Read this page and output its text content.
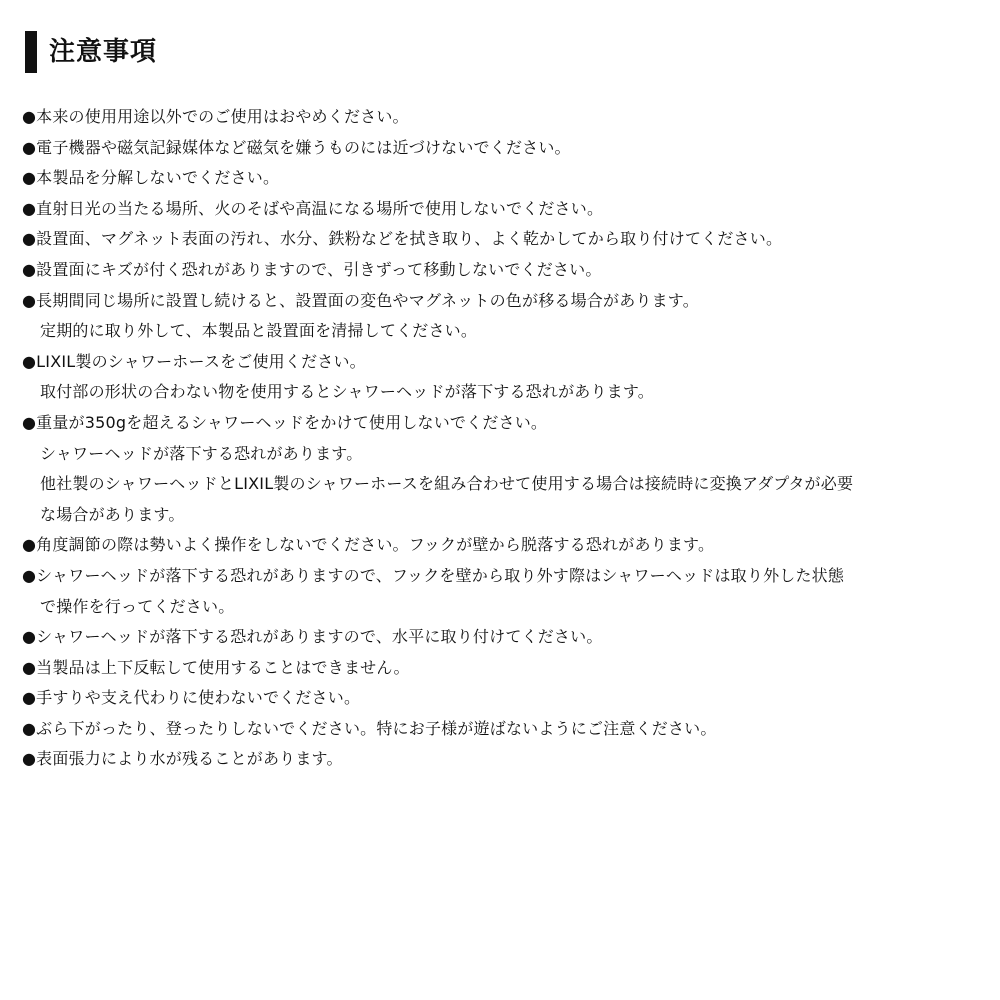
注意事項
●本来の使用用途以外でのご使用はおやめください。
●電子機器や磁気記録媒体など磁気を嫌うものには近づけないでください。
●本製品を分解しないでください。
●直射日光の当たる場所、火のそばや高温になる場所で使用しないでください。
●設置面、マグネット表面の汚れ、水分、鉄粉などを拭き取り、よく乾かしてから取り付けてください。
●設置面にキズが付く恐れがありますので、引きずって移動しないでください。
●長期間同じ場所に設置し続けると、設置面の変色やマグネットの色が移る場合があります。
定期的に取り外して、本製品と設置面を清掃してください。
●LIXIL製のシャワーホースをご使用ください。
取付部の形状の合わない物を使用するとシャワーヘッドが落下する恐れがあります。
●重量が350gを超えるシャワーヘッドをかけて使用しないでください。
シャワーヘッドが落下する恐れがあります。
他社製のシャワーヘッドとLIXIL製のシャワーホースを組み合わせて使用する場合は接続時に変換アダプタが必要
な場合があります。
●角度調節の際は勢いよく操作をしないでください。フックが壁から脱落する恐れがあります。
●シャワーヘッドが落下する恐れがありますので、フックを壁から取り外す際はシャワーヘッドは取り外した状態
で操作を行ってください。
●シャワーヘッドが落下する恐れがありますので、水平に取り付けてください。
●当製品は上下反転して使用することはできません。
●手すりや支え代わりに使わないでください。
●ぶら下がったり、登ったりしないでください。特にお子様が遊ばないようにご注意ください。
●表面張力により水が残ることがあります。
